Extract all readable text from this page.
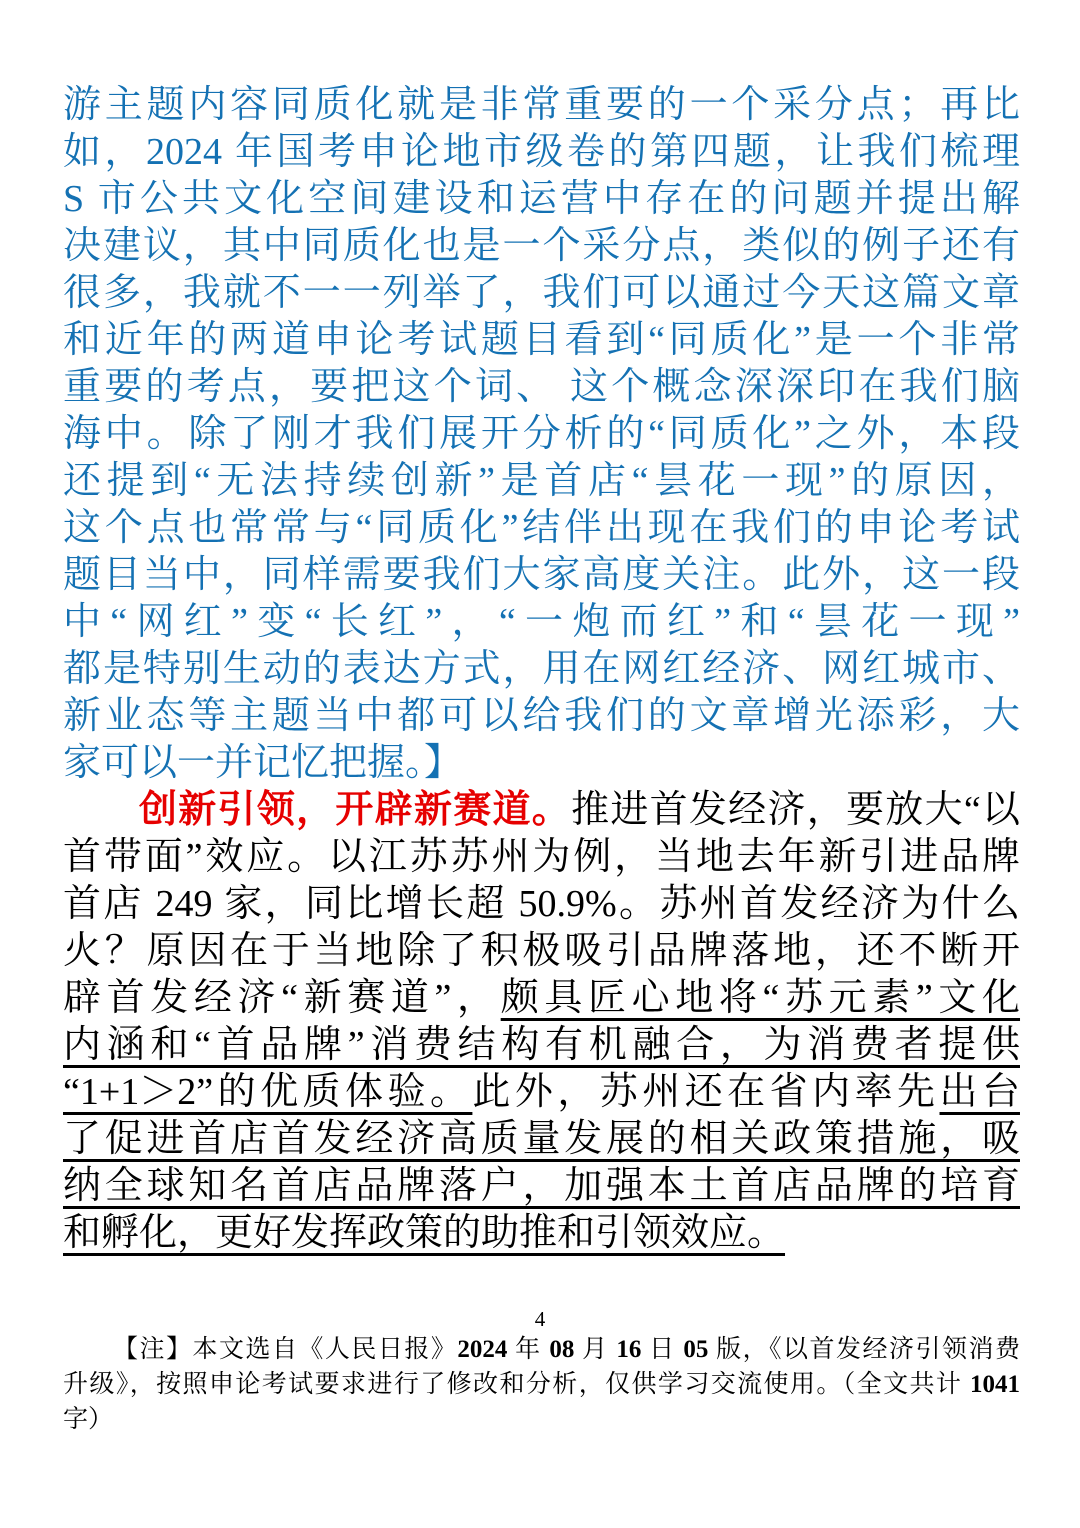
游主题内容同质化就是非常重要的一个采分点；再比
如，2024 年国考申论地市级卷的第四题，让我们梳理
S 市公共文化空间建设和运营中存在的问题并提出解
决建议，其中同质化也是一个采分点，类似的例子还有
很多，我就不一一列举了，我们可以通过今天这篇文章
和近年的两道申论考试题目看到“同质化”是一个非常
重要的考点，要把这个词、 这个概念深深印在我们脑
海中。除了刚才我们展开分析的“同质化”之外，本段
还提到“无法持续创新”是首店“昙花一现”的原因，
这个点也常常与“同质化”结伴出现在我们的申论考试
题目当中，同样需要我们大家高度关注。此外，这一段
中“网红”变“长红”，“一炮而红”和“昙花一现”
都是特别生动的表达方式，用在网红经济、网红城市、
新业态等主题当中都可以给我们的文章增光添彩，大
家可以一并记忆把握。】
创新引领，开辟新赛道。推进首发经济，要放大“以
首带面”效应。以江苏苏州为例，当地去年新引进品牌
首店 249 家，同比增长超 50.9%。苏州首发经济为什么
火？原因在于当地除了积极吸引品牌落地，还不断开
辟首发经济“新赛道”，颇具匠心地将“苏元素”文化
内涵和“首品牌”消费结构有机融合，为消费者提供
“1+1＞2”的优质体验。此外，苏州还在省内率先出台
了促进首店首发经济高质量发展的相关政策措施，吸
纳全球知名首店品牌落户，加强本土首店品牌的培育
和孵化，更好发挥政策的助推和引领效应。
4
【注】本文选自《人民日报》2024 年 08 月 16 日 05 版，《以首发经济引领消费
升级》，按照申论考试要求进行了修改和分析，仅供学习交流使用。（全文共计 1041
字）
